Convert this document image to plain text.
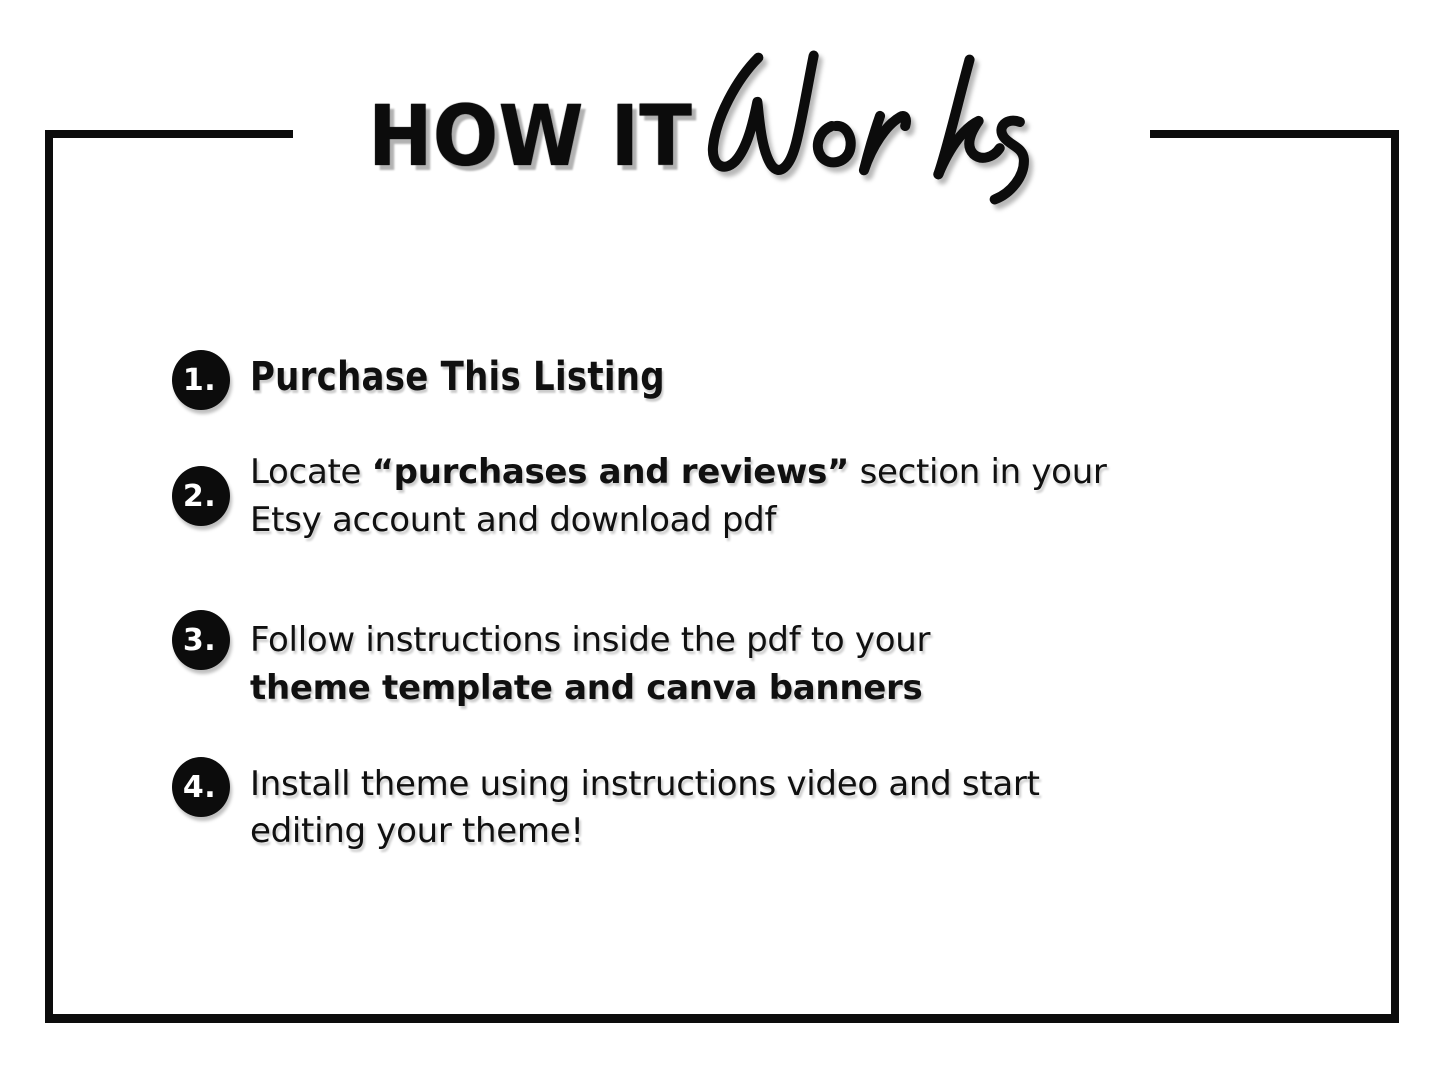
HOW IT
1. Purchase This Listing

2.

Locate “purchases and reviews” section in your

Etsy account and download pdf

3. Follow instructions inside the pdf to your

theme template and canva banners

4. Install theme using instructions video and start

editing your theme!
